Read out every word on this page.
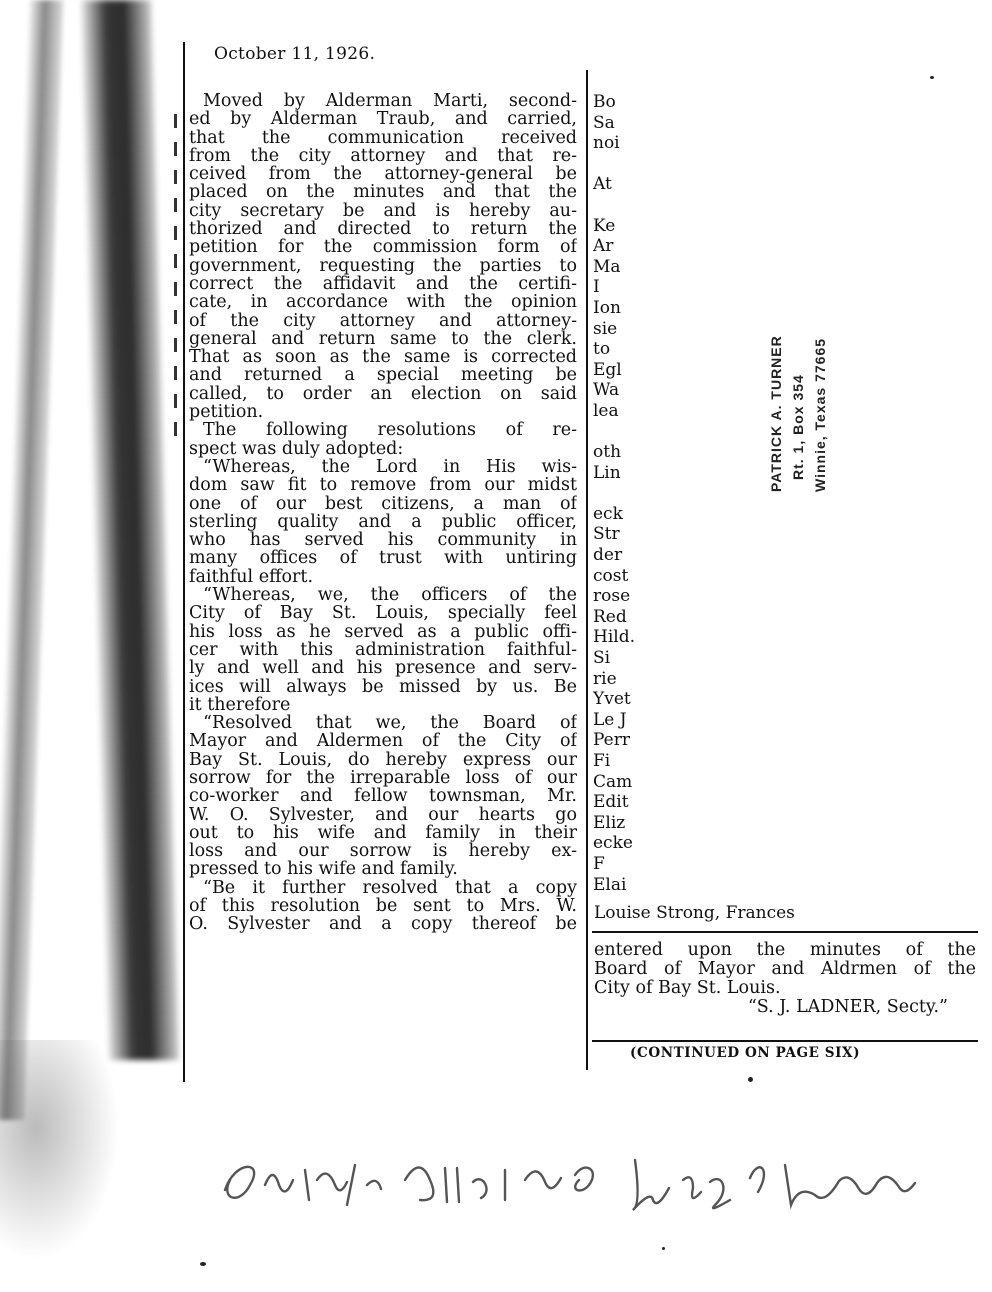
October 11, 1926.
Moved by Alderman Marti, second-
ed by Alderman Traub, and carried,
that the communication received
from the city attorney and that re-
ceived from the attorney-general be
placed on the minutes and that the
city secretary be and is hereby au-
thorized and directed to return the
petition for the commission form of
government, requesting the parties to
correct the affidavit and the certifi-
cate, in accordance with the opinion
of the city attorney and attorney-
general and return same to the clerk.
That as soon as the same is corrected
and returned a special meeting be
called, to order an election on said
petition.
The following resolutions of re-
spect was duly adopted:
“Whereas, the Lord in His wis-
dom saw fit to remove from our midst
one of our best citizens, a man of
sterling quality and a public officer,
who has served his community in
many offices of trust with untiring
faithful effort.
“Whereas, we, the officers of the
City of Bay St. Louis, specially feel
his loss as he served as a public offi-
cer with this administration faithful-
ly and well and his presence and serv-
ices will always be missed by us. Be
it therefore
“Resolved that we, the Board of
Mayor and Aldermen of the City of
Bay St. Louis, do hereby express our
sorrow for the irreparable loss of our
co-worker and fellow townsman, Mr.
W. O. Sylvester, and our hearts go
out to his wife and family in their
loss and our sorrow is hereby ex-
pressed to his wife and family.
“Be it further resolved that a copy
of this resolution be sent to Mrs. W.
O. Sylvester and a copy thereof be
Bo
Sa
noi
At
Ke
Ar
Ma
I
Ion
sie
to
Egl
Wa
lea
oth
Lin
eck
Str
der
cost
rose
Red
Hild.
Si
rie
Yvet
Le J
Perr
Fi
Cam
Edit
Eliz
ecke
F
Elai
Louise Strong, Frances
entered upon the minutes of the
Board of Mayor and Aldrmen of the
City of Bay St. Louis.
“S. J. LADNER, Secty.”
(CONTINUED ON PAGE SIX)
PATRICK A. TURNER Rt. 1, Box 354 Winnie, Texas 77665
